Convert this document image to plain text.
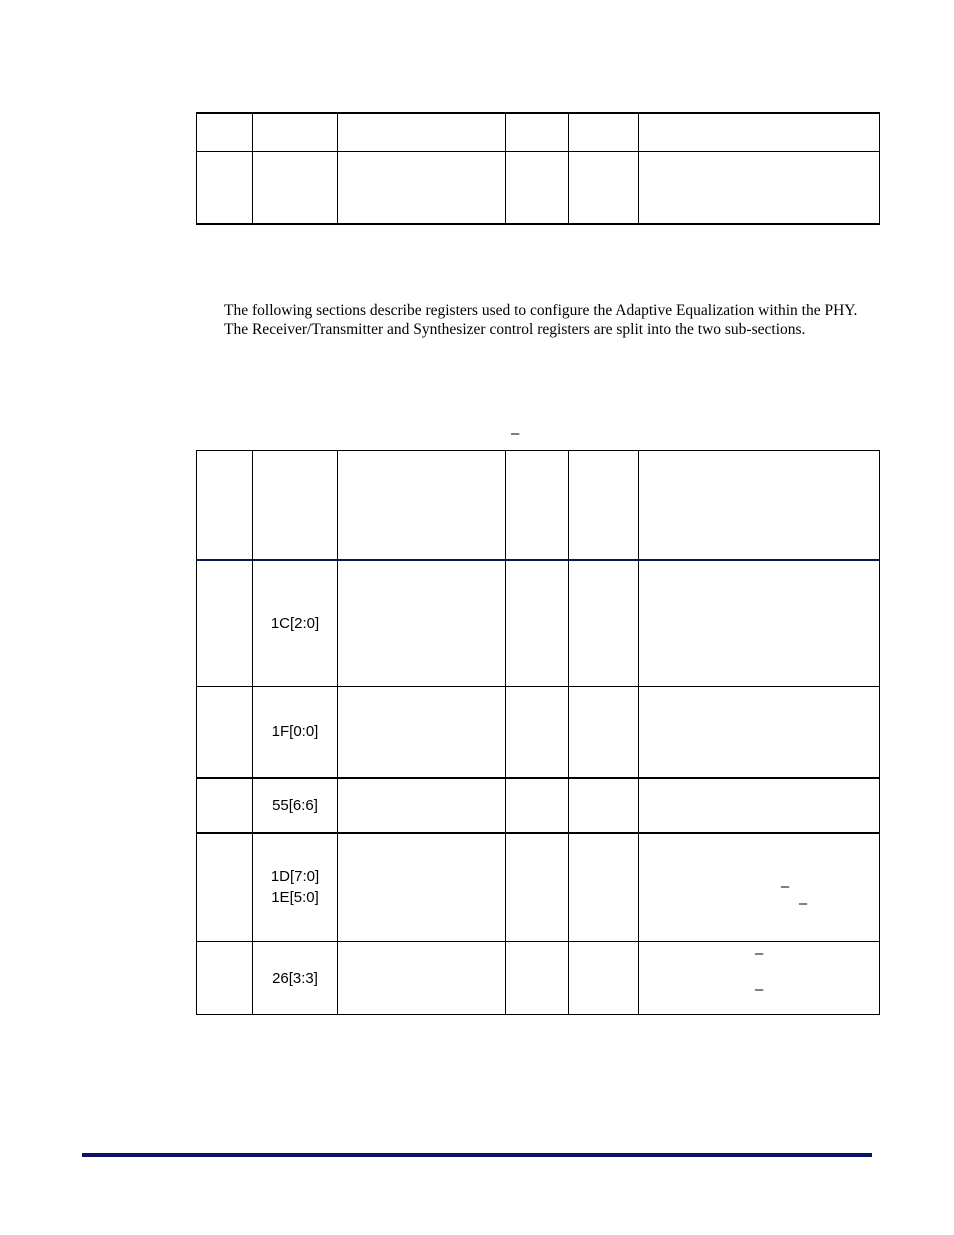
The following sections describe registers used to configure the Adaptive Equalization within the PHY. The Receiver/Transmitter and Synthesizer control registers are split into the two sub-sections.

–

	1C[2:0]				
	1F[0:0]				
	55[6:6]				
	1D[7:0]
1E[5:0]				–
–

	26[3:3]				–
–
